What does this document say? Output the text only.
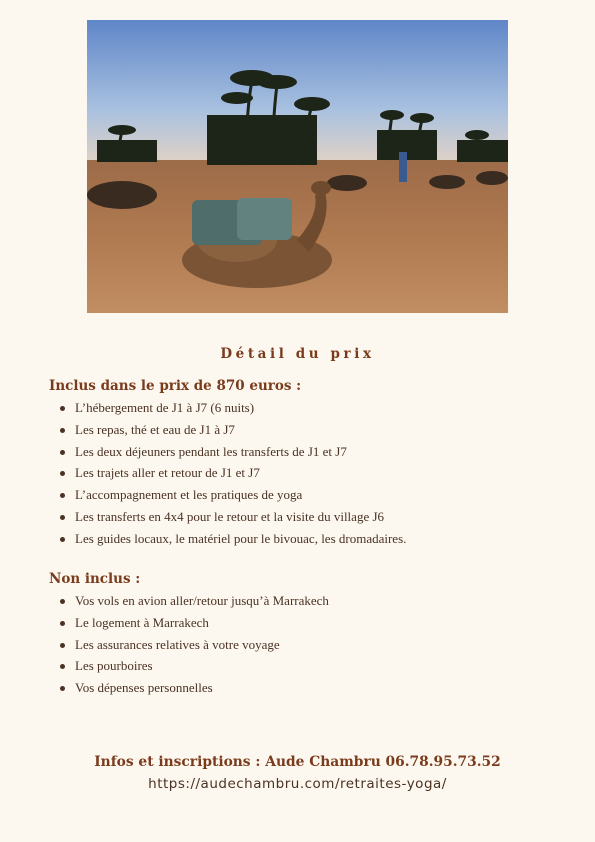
Détail du prix
Inclus dans le prix de 870 euros :
L’hébergement de J1 à J7 (6 nuits)
Les repas, thé et eau de J1 à J7
Les deux déjeuners pendant les transferts de J1 et J7
Les trajets aller et retour de J1 et J7
L’accompagnement et les pratiques de yoga
Les transferts en 4x4 pour le retour et la visite du village J6
Les guides locaux, le matériel pour le bivouac, les dromadaires.
Non inclus :
Vos vols en avion aller/retour jusqu’à Marrakech
Le logement à Marrakech
Les assurances relatives à votre voyage
Les pourboires
Vos dépenses personnelles
Infos et inscriptions : Aude Chambru 06.78.95.73.52
https://audechambru.com/retraites-yoga/
